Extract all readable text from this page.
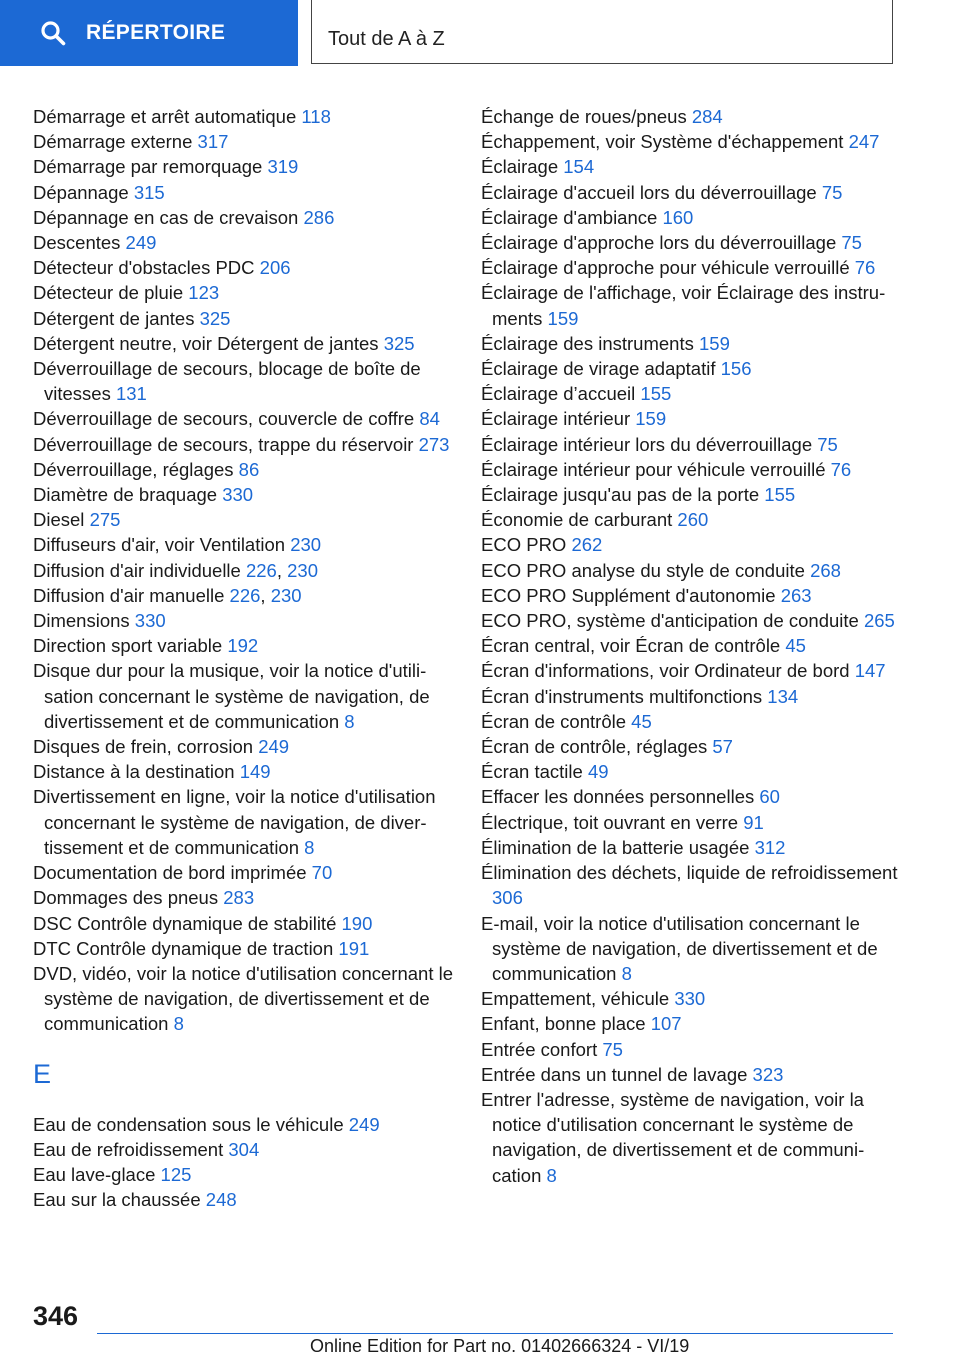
RÉPERTOIRE	Tout de A à Z
Démarrage et arrêt automatique 118
Démarrage externe 317
Démarrage par remorquage 319
Dépannage 315
Dépannage en cas de crevaison 286
Descentes 249
Détecteur d'obstacles PDC 206
Détecteur de pluie 123
Détergent de jantes 325
Détergent neutre, voir Détergent de jantes 325
Déverrouillage de secours, blocage de boîte de vitesses 131
Déverrouillage de secours, couvercle de coffre 84
Déverrouillage de secours, trappe du réservoir 273
Déverrouillage, réglages 86
Diamètre de braquage 330
Diesel 275
Diffuseurs d'air, voir Ventilation 230
Diffusion d'air individuelle 226, 230
Diffusion d'air manuelle 226, 230
Dimensions 330
Direction sport variable 192
Disque dur pour la musique, voir la notice d'utilisation concernant le système de navigation, de divertissement et de communication 8
Disques de frein, corrosion 249
Distance à la destination 149
Divertissement en ligne, voir la notice d'utilisation concernant le système de navigation, de divertissement et de communication 8
Documentation de bord imprimée 70
Dommages des pneus 283
DSC Contrôle dynamique de stabilité 190
DTC Contrôle dynamique de traction 191
DVD, vidéo, voir la notice d'utilisation concernant le système de navigation, de divertissement et de communication 8
E
Eau de condensation sous le véhicule 249
Eau de refroidissement 304
Eau lave-glace 125
Eau sur la chaussée 248
Échange de roues/pneus 284
Échappement, voir Système d'échappement 247
Éclairage 154
Éclairage d'accueil lors du déverrouillage 75
Éclairage d'ambiance 160
Éclairage d'approche lors du déverrouillage 75
Éclairage d'approche pour véhicule verrouillé 76
Éclairage de l'affichage, voir Éclairage des instruments 159
Éclairage des instruments 159
Éclairage de virage adaptatif 156
Éclairage d’accueil 155
Éclairage intérieur 159
Éclairage intérieur lors du déverrouillage 75
Éclairage intérieur pour véhicule verrouillé 76
Éclairage jusqu'au pas de la porte 155
Économie de carburant 260
ECO PRO 262
ECO PRO analyse du style de conduite 268
ECO PRO Supplément d'autonomie 263
ECO PRO, système d'anticipation de conduite 265
Écran central, voir Écran de contrôle 45
Écran d'informations, voir Ordinateur de bord 147
Écran d'instruments multifonctions 134
Écran de contrôle 45
Écran de contrôle, réglages 57
Écran tactile 49
Effacer les données personnelles 60
Électrique, toit ouvrant en verre 91
Élimination de la batterie usagée 312
Élimination des déchets, liquide de refroidissement 306
E-mail, voir la notice d'utilisation concernant le système de navigation, de divertissement et de communication 8
Empattement, véhicule 330
Enfant, bonne place 107
Entrée confort 75
Entrée dans un tunnel de lavage 323
Entrer l'adresse, système de navigation, voir la notice d'utilisation concernant le système de navigation, de divertissement et de communication 8
346
Online Edition for Part no. 01402666324 - VI/19
